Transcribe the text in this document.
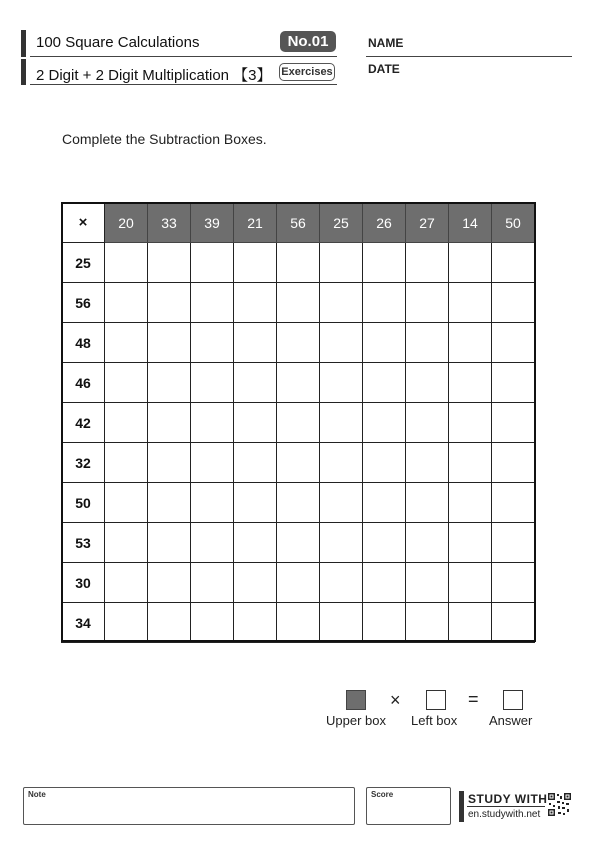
100 Square Calculations	No.01
2 Digit + 2 Digit Multiplication 【3】 Exercises
NAME
DATE
Complete the Subtraction Boxes.
×	20	33	39	21	56	25	26	27	14	50
25										
56										
48										
46										
42										
32										
50										
53										
30										
34										
×	=
Upper box Left box Answer
Note	Score	STUDY WITH
en.studywith.net
